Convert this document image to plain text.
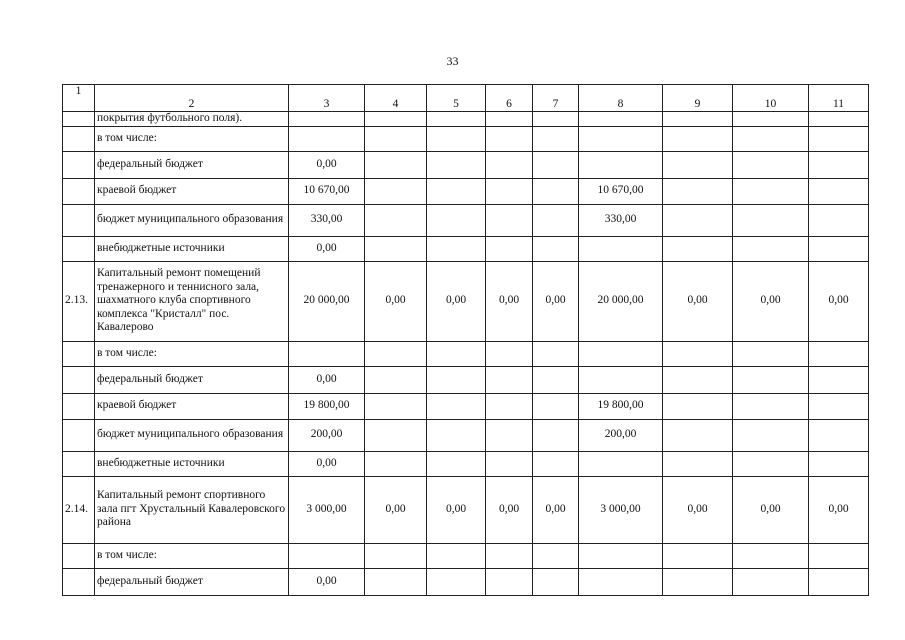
33
1	2	3	4	5	6	7	8	9	10	11
	покрытия футбольного поля).									
	в том числе:									
	федеральный бюджет	0,00								
	краевой бюджет	10 670,00					10 670,00			
	бюджет муниципального образования	330,00					330,00			
	внебюджетные источники	0,00								
2.13.	Капитальный ремонт помещений тренажерного и теннисного зала, шахматного клуба спортивного комплекса "Кристалл" пос. Кавалерово	20 000,00	0,00	0,00	0,00	0,00	20 000,00	0,00	0,00	0,00
	в том числе:									
	федеральный бюджет	0,00								
	краевой бюджет	19 800,00					19 800,00			
	бюджет муниципального образования	200,00					200,00			
	внебюджетные источники	0,00								
2.14.	Капитальный ремонт спортивного зала пгт Хрустальный Кавалеровского района	3 000,00	0,00	0,00	0,00	0,00	3 000,00	0,00	0,00	0,00
	в том числе:									
	федеральный бюджет	0,00								
